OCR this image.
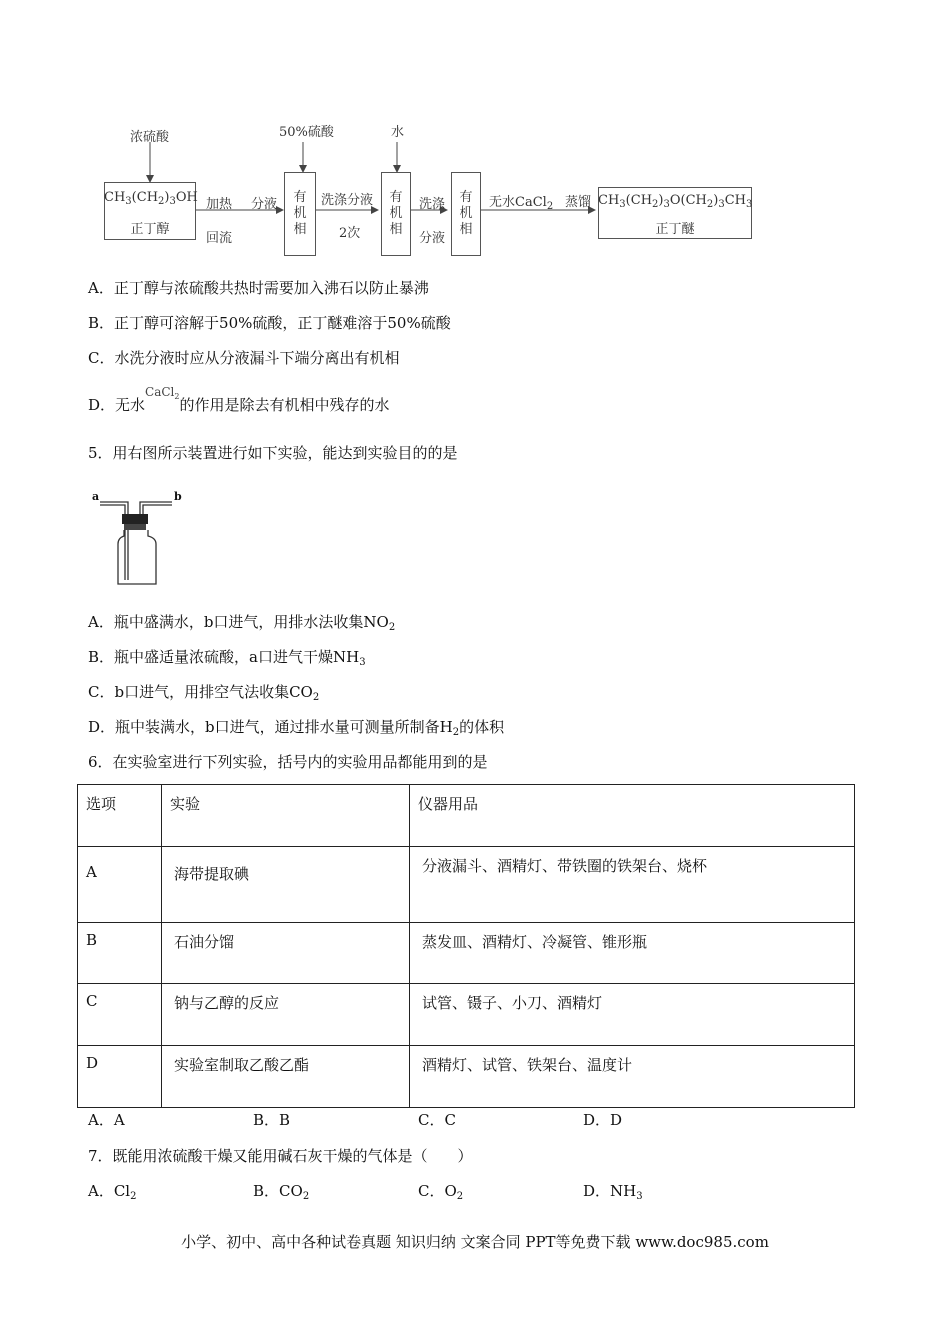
浓硫酸	50%硫酸	水
$CH_3(CH_2)_3OH$
正丁醇
加热
回流
分液 有机相
洗涤分液
2次
有机相
洗涤
分液
有机相
无水CaCl$_2$ 蒸馏 $CH_3(CH_2)_3O(CH_2)_3CH_3$
正丁醚
A．正丁醇与浓硫酸共热时需要加入沸石以防止暴沸
B．正丁醇可溶解于50%硫酸，正丁醚难溶于50%硫酸
C．水洗分液时应从分液漏斗下端分离出有机相
D．无水$^{CaCl_2}$的作用是除去有机相中残存的水
5．用右图所示装置进行如下实验，能达到实验目的的是
a	b
A．瓶中盛满水，b口进气，用排水法收集$NO_2$
B．瓶中盛适量浓硫酸，a口进气干燥$NH_3$
C．b口进气，用排空气法收集$CO_2$
D．瓶中装满水，b口进气，通过排水量可测量所制备$H_2$的体积
6．在实验室进行下列实验，括号内的实验用品都能用到的是
选项	实验	仪器用品
A	海带提取碘	分液漏斗、酒精灯、带铁圈的铁架台、烧杯
B	石油分馏	蒸发皿、酒精灯、冷凝管、锥形瓶
C	钠与乙醇的反应	试管、镊子、小刀、酒精灯
D	实验室制取乙酸乙酯	酒精灯、试管、铁架台、温度计
A．A	B．B	C．C	D．D
7．既能用浓硫酸干燥又能用碱石灰干燥的气体是（　　）
A．$Cl_2$	B．$CO_2$	C．$O_2$	D．$NH_3$
小学、初中、高中各种试卷真题 知识归纳 文案合同 PPT等免费下载 www.doc985.com
